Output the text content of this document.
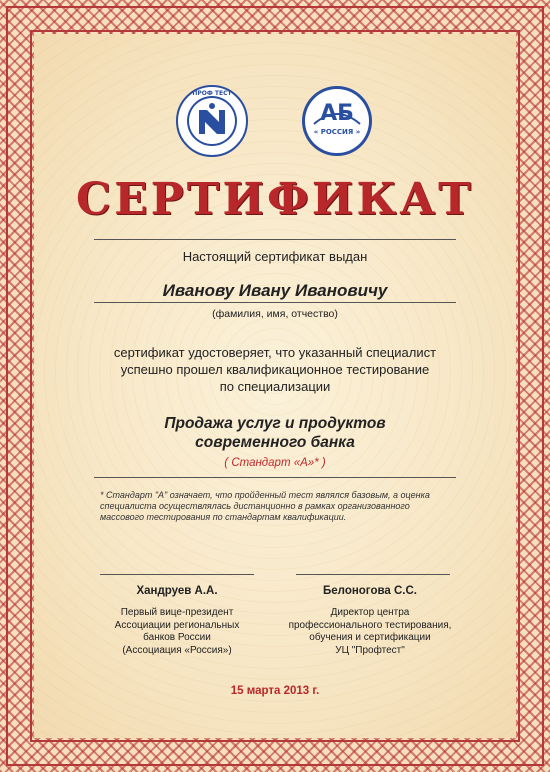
ПРОФ ТЕСТ
АБ
« РОССИЯ »
СЕРТИФИКАТ
Настоящий сертификат выдан
Иванову Ивану Ивановичу
(фамилия, имя, отчество)
сертификат удостоверяет, что указанный специалист
успешно прошел квалификационное тестирование
по специализации
Продажа услуг и продуктов
современного банка
( Стандарт «А»* )
* Стандарт "А" означает, что пройденный тест являлся базовым, а оценка
специалиста осуществлялась дистанционно в рамках организованного
массового тестирования по стандартам квалификации.
Хандруев А.А.
Первый вице-президент
Ассоциации региональных
банков России
(Ассоциация «Россия»)
Белоногова С.С.
Директор центра
профессионального тестирования,
обучения и сертификации
УЦ "Профтест"
15 марта 2013 г.
